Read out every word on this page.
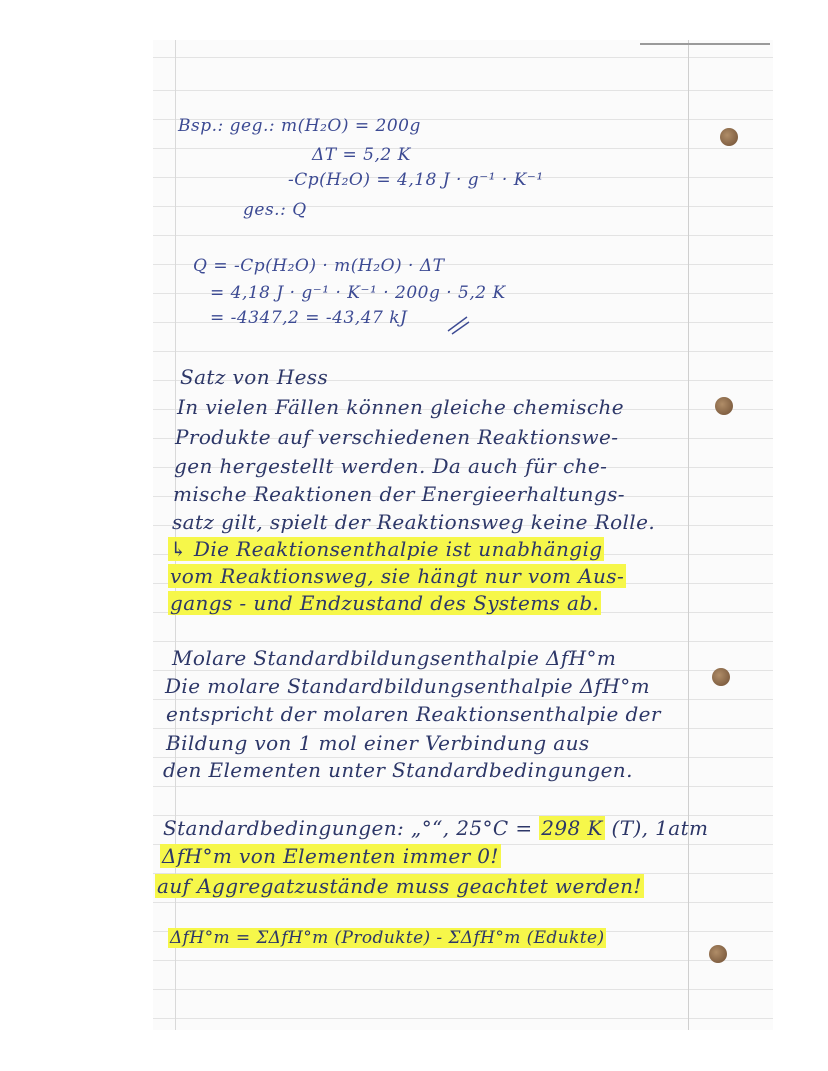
Bsp.: geg.: m(H₂O) = 200g
ΔT = 5,2 K
-Cp(H₂O) = 4,18 J · g⁻¹ · K⁻¹
ges.: Q
Q = -Cp(H₂O) · m(H₂O) · ΔT
= 4,18 J · g⁻¹ · K⁻¹ · 200g · 5,2 K
= -4347,2 = -43,47 kJ
Satz von Hess
In vielen Fällen können gleiche chemische
Produkte auf verschiedenen Reaktionswe-
gen hergestellt werden. Da auch für che-
mische Reaktionen der Energieerhaltungs-
satz gilt, spielt der Reaktionsweg keine Rolle.
↳ Die Reaktionsenthalpie ist unabhängig
vom Reaktionsweg, sie hängt nur vom Aus-
gangs - und Endzustand des Systems ab.
Molare Standardbildungsenthalpie ΔfH°m
Die molare Standardbildungsenthalpie ΔfH°m
entspricht der molaren Reaktionsenthalpie der
Bildung von 1 mol einer Verbindung aus
den Elementen unter Standardbedingungen.
Standardbedingungen: „°“, 25°C = 298 K (T), 1atm
ΔfH°m von Elementen immer 0!
auf Aggregatzustände muss geachtet werden!
ΔfH°m = ΣΔfH°m (Produkte) - ΣΔfH°m (Edukte)
